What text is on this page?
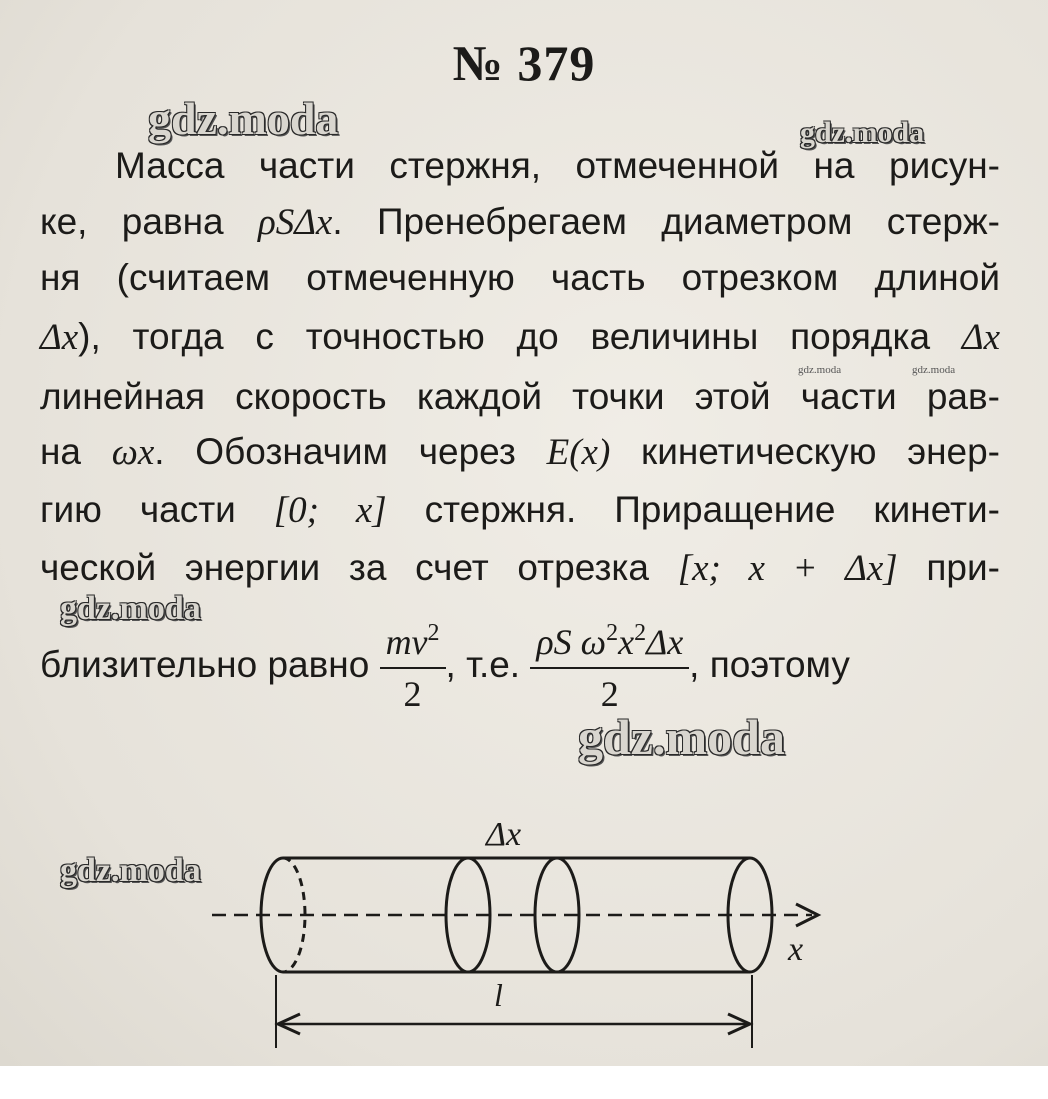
№ 379
Масса части стержня, отмеченной на рисун-
ке, равна ρSΔx. Пренебрегаем диаметром стерж-
ня (считаем отмеченную часть отрезком длиной
Δx), тогда с точностью до величины порядка Δx
линейная скорость каждой точки этой части рав-
на ωx. Обозначим через E(x) кинетическую энер-
гию части [0; x] стержня. Приращение кинети-
ческой энергии за счет отрезка [x; x + Δx] при-
близительно равно $\frac{mv^2}{2}$ , т.е. $\frac{\rho S \omega^2x^2\Delta x}{2}$ , поэтому
gdz.moda	gdz.moda
gdz.moda	gdz.moda
gdz.moda
gdz.moda
gdz.moda
Δx
x
l
